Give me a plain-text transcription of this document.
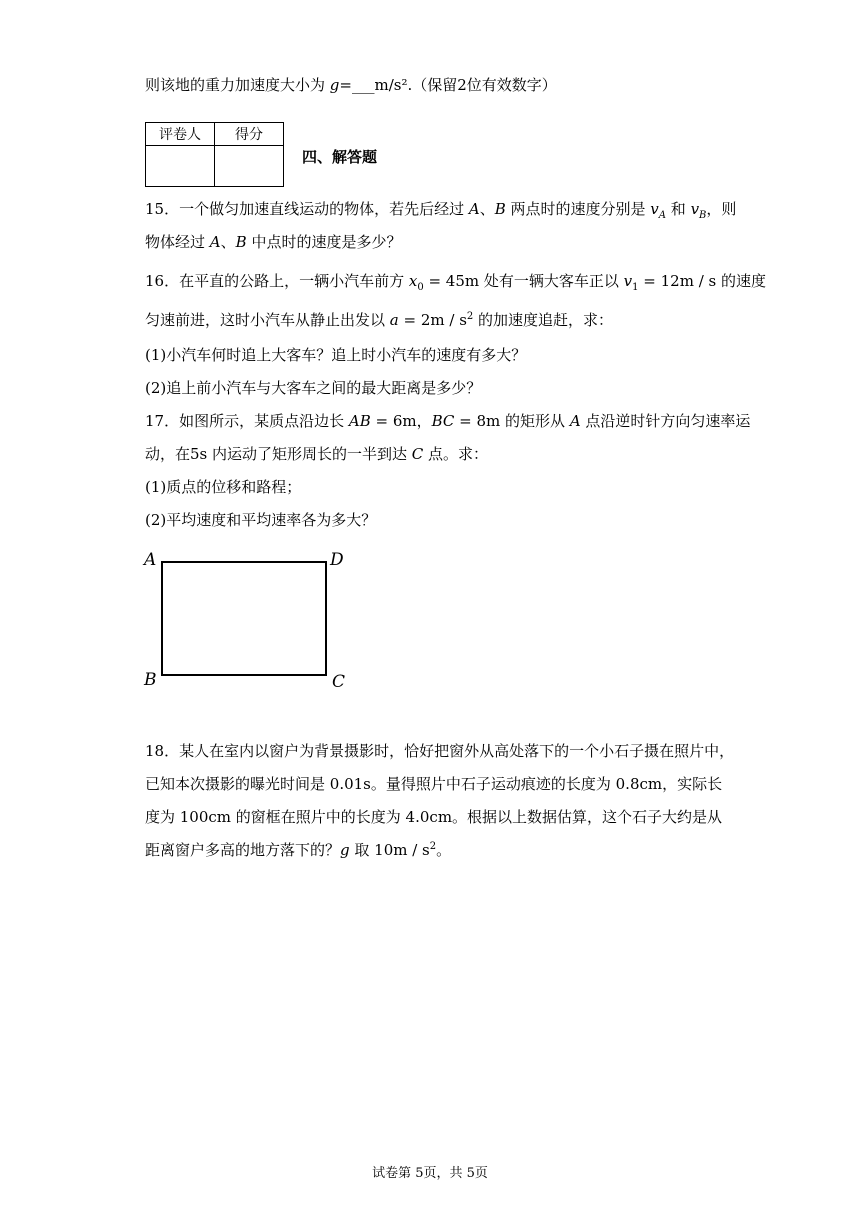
则该地的重力加速度大小为 g=___m/s².（保留2位有效数字）
评卷人	得分

四、解答题
15．一个做匀加速直线运动的物体，若先后经过 A、B 两点时的速度分别是 $v_A$ 和 $v_B$，则
物体经过 A、B 中点时的速度是多少？
16．在平直的公路上，一辆小汽车前方 $x_0 = 45m$ 处有一辆大客车正以 $v_1 = 12m / s$ 的速度
匀速前进，这时小汽车从静止出发以 $a = 2m / s^2$ 的加速度追赶，求：
(1)小汽车何时追上大客车？追上时小汽车的速度有多大？
(2)追上前小汽车与大客车之间的最大距离是多少？
17．如图所示，某质点沿边长 AB = 6m，BC = 8m 的矩形从 A 点沿逆时针方向匀速率运
动，在5s 内运动了矩形周长的一半到达 C 点。求：
(1)质点的位移和路程；
(2)平均速度和平均速率各为多大？
A	D
B	C
18．某人在室内以窗户为背景摄影时，恰好把窗外从高处落下的一个小石子摄在照片中，
已知本次摄影的曝光时间是 0.01s。量得照片中石子运动痕迹的长度为 0.8cm，实际长
度为 100cm 的窗框在照片中的长度为 4.0cm。根据以上数据估算，这个石子大约是从
距离窗户多高的地方落下的？g 取 $10m / s^2$。
试卷第 5页，共 5页
